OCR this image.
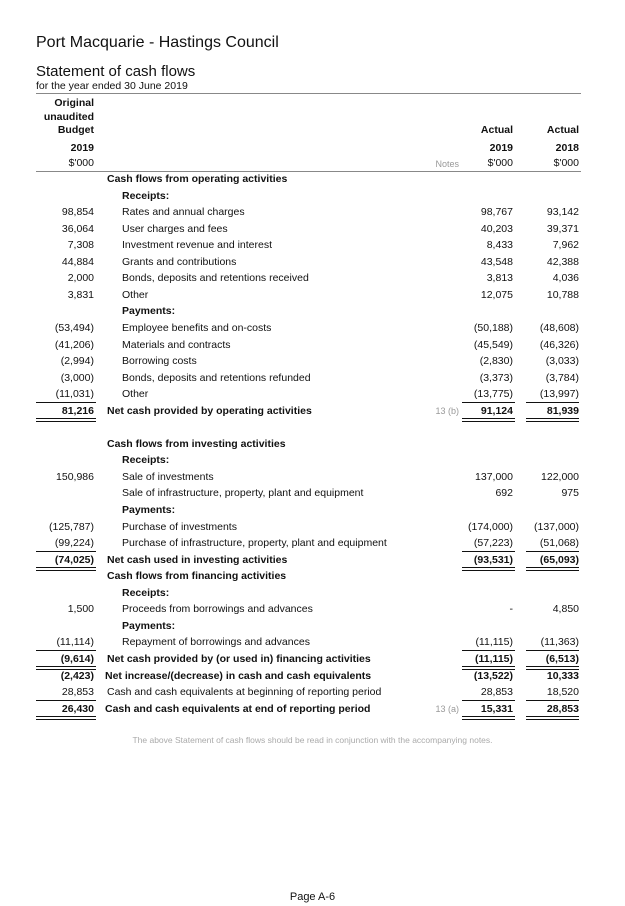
Port Macquarie - Hastings Council
Statement of cash flows
for the year ended 30 June 2019
Original
unaudited
Budget
2019
$'000	Notes
Actual
2019
$'000
Actual
2018
$'000
Cash flows from operating activities
Receipts:
Rates and annual charges
98,854	98,767	93,142
User charges and fees
36,064	40,203	39,371
Investment revenue and interest
7,308	8,433	7,962
Grants and contributions
44,884	43,548	42,388
Bonds, deposits and retentions received
2,000	3,813	4,036
Other
3,831	12,075	10,788
Payments:
Employee benefits and on-costs
(53,494)	(50,188)	(48,608)
Materials and contracts
(41,206)	(45,549)	(46,326)
Borrowing costs
(2,994)	(2,830)	(3,033)
Bonds, deposits and retentions refunded
(3,000)	(3,373)	(3,784)
Other
(11,031)	(13,775)	(13,997)
Net cash provided by operating activities
81,216	13 (b) 91,124	81,939
Cash flows from investing activities
Receipts:
Sale of investments
150,986	137,000	122,000
Sale of infrastructure, property, plant and equipment	692	975
Payments:
Purchase of investments
(125,787)	(174,000) (137,000)
Purchase of infrastructure, property, plant and equipment
(99,224)	(57,223)	(51,068)
Net cash used in investing activities
(74,025)	(93,531)	(65,093)
Cash flows from financing activities
Receipts:
Proceeds from borrowings and advances
1,500	-	4,850
Payments:
Repayment of borrowings and advances
(11,114)	(11,115)	(11,363)
Net cash provided by (or used in) financing activities
(9,614)	(11,115)	(6,513)
Net increase/(decrease) in cash and cash equivalents
(2,423)	(13,522)	10,333
Cash and cash equivalents at beginning of reporting period
28,853	28,853	18,520
Cash and cash equivalents at end of reporting period
26,430	13 (a) 15,331	28,853
The above Statement of cash flows should be read in conjunction with the accompanying notes.
Page A-6
